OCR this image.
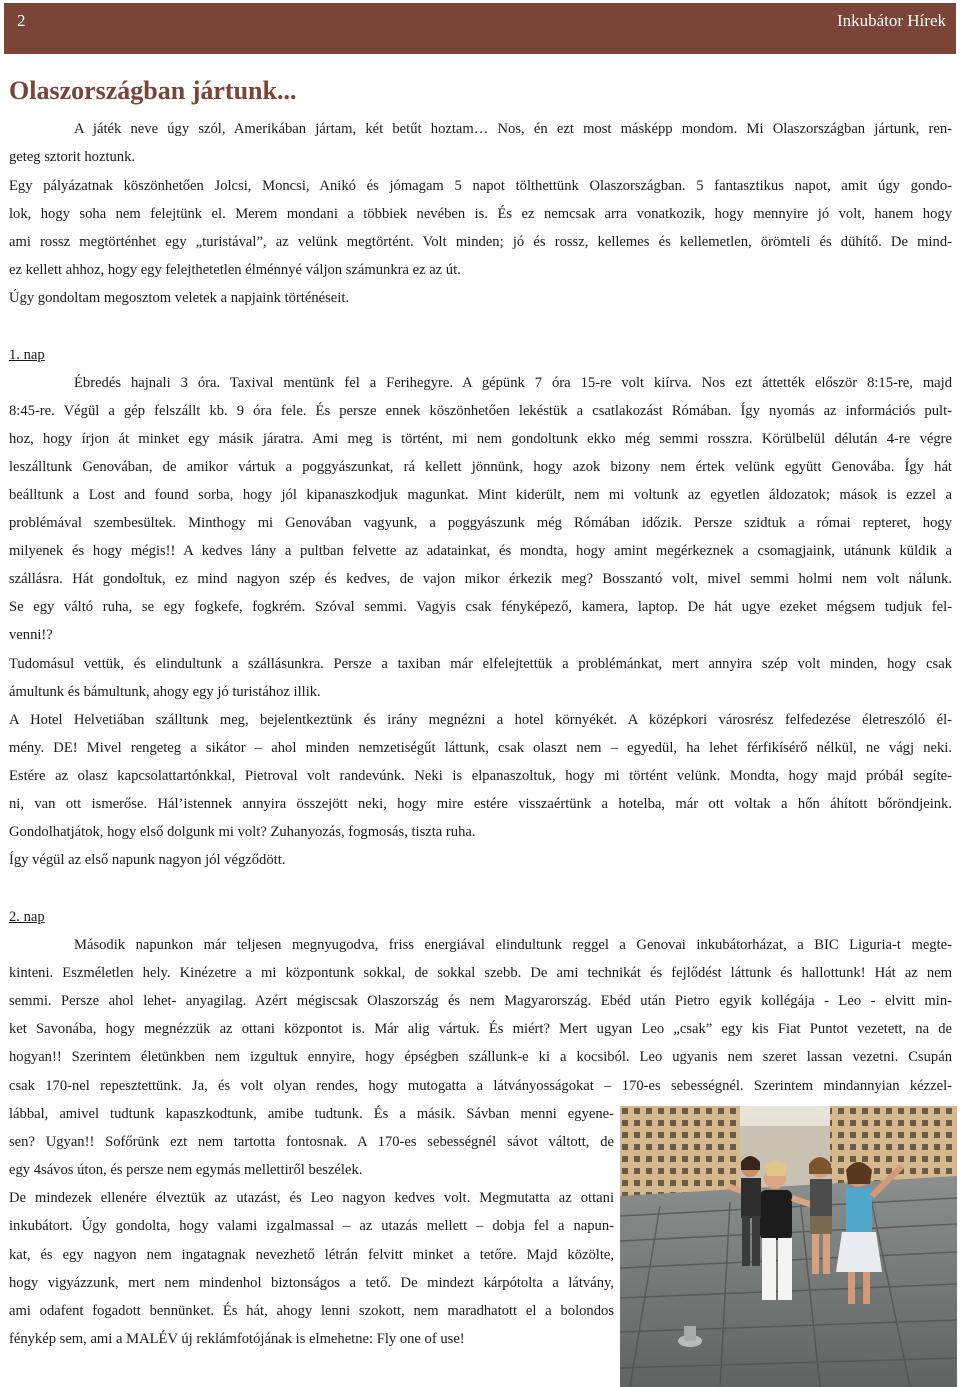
2	Inkubátor Hírek
Olaszországban jártunk...
A játék neve úgy szól, Amerikában jártam, két betűt hoztam… Nos, én ezt most másképp mondom. Mi Olaszországban jártunk, ren-
geteg sztorit hoztunk.
Egy pályázatnak köszönhetően Jolcsi, Moncsi, Anikó és jómagam 5 napot tölthettünk Olaszországban. 5 fantasztikus napot, amit úgy gondo-
lok, hogy soha nem felejtünk el. Merem mondani a többiek nevében is. És ez nemcsak arra vonatkozik, hogy mennyire jó volt, hanem hogy
ami rossz megtörténhet egy „turistával”, az velünk megtörtént. Volt minden; jó és rossz, kellemes és kellemetlen, örömteli és dühítő. De mind-
ez kellett ahhoz, hogy egy felejthetetlen élménnyé váljon számunkra ez az út.
Úgy gondoltam megosztom veletek a napjaink történéseit.
1. nap
Ébredés hajnali 3 óra. Taxival mentünk fel a Ferihegyre. A gépünk 7 óra 15-re volt kiírva. Nos ezt áttették először 8:15-re, majd
8:45-re. Végül a gép felszállt kb. 9 óra fele. És persze ennek köszönhetően lekéstük a csatlakozást Rómában. Így nyomás az információs pult-
hoz, hogy írjon át minket egy másik járatra. Ami meg is történt, mi nem gondoltunk ekko még semmi rosszra. Körülbelül délután 4-re végre
leszálltunk Genovában, de amikor vártuk a poggyászunkat, rá kellett jönnünk, hogy azok bizony nem értek velünk együtt Genovába. Így hát
beálltunk a Lost and found sorba, hogy jól kipanaszkodjuk magunkat. Mint kiderült, nem mi voltunk az egyetlen áldozatok; mások is ezzel a
problémával szembesültek. Minthogy mi Genovában vagyunk, a poggyászunk még Rómában időzik. Persze szidtuk a római repteret, hogy
milyenek és hogy mégis!! A kedves lány a pultban felvette az adatainkat, és mondta, hogy amint megérkeznek a csomagjaink, utánunk küldik a
szállásra. Hát gondoltuk, ez mind nagyon szép és kedves, de vajon mikor érkezik meg? Bosszantó volt, mivel semmi holmi nem volt nálunk.
Se egy váltó ruha, se egy fogkefe, fogkrém. Szóval semmi. Vagyis csak fényképező, kamera, laptop. De hát ugye ezeket mégsem tudjuk fel-
venni!?
Tudomásul vettük, és elindultunk a szállásunkra. Persze a taxiban már elfelejtettük a problémánkat, mert annyira szép volt minden, hogy csak
ámultunk és bámultunk, ahogy egy jó turistához illik.
A Hotel Helvetiában szálltunk meg, bejelentkeztünk és irány megnézni a hotel környékét. A középkori városrész felfedezése életreszóló él-
mény. DE! Mivel rengeteg a sikátor – ahol minden nemzetiségűt láttunk, csak olaszt nem – egyedül, ha lehet férfikísérő nélkül, ne vágj neki.
Estére az olasz kapcsolattartónkkal, Pietroval volt randevúnk. Neki is elpanaszoltuk, hogy mi történt velünk. Mondta, hogy majd próbál segíte-
ni, van ott ismerőse. Hál’istennek annyira összejött neki, hogy mire estére visszaértünk a hotelba, már ott voltak a hőn áhított bőröndjeink.
Gondolhatjátok, hogy első dolgunk mi volt? Zuhanyozás, fogmosás, tiszta ruha.
Így végül az első napunk nagyon jól végződött.
2. nap
Második napunkon már teljesen megnyugodva, friss energiával elindultunk reggel a Genovai inkubátorházat, a BIC Liguria-t megte-
kinteni. Eszméletlen hely. Kinézetre a mi központunk sokkal, de sokkal szebb. De ami technikát és fejlődést láttunk és hallottunk! Hát az nem
semmi. Persze ahol lehet- anyagilag. Azért mégiscsak Olaszország és nem Magyarország. Ebéd után Pietro egyik kollégája - Leo - elvitt min-
ket Savonába, hogy megnézzük az ottani központot is. Már alig vártuk. És miért? Mert ugyan Leo „csak” egy kis Fiat Puntot vezetett, na de
hogyan!! Szerintem életünkben nem izgultuk ennyire, hogy épségben szállunk-e ki a kocsiból. Leo ugyanis nem szeret lassan vezetni. Csupán
csak 170-nel repesztettünk. Ja, és volt olyan rendes, hogy mutogatta a látványosságokat – 170-es sebességnél. Szerintem mindannyian kézzel-
lábbal, amivel tudtunk kapaszkodtunk, amibe tudtunk. És a másik. Sávban menni egyene-
sen? Ugyan!! Sofőrünk ezt nem tartotta fontosnak. A 170-es sebességnél sávot váltott, de
egy 4sávos úton, és persze nem egymás mellettiről beszélek.
De mindezek ellenére élveztük az utazást, és Leo nagyon kedves volt. Megmutatta az ottani
inkubátort. Úgy gondolta, hogy valami izgalmassal – az utazás mellett – dobja fel a napun-
kat, és egy nagyon nem ingatagnak nevezhető létrán felvitt minket a tetőre. Majd közölte,
hogy vigyázzunk, mert nem mindenhol biztonságos a tető. De mindezt kárpótolta a látvány,
ami odafent fogadott bennünket. És hát, ahogy lenni szokott, nem maradhatott el a bolondos
fénykép sem, ami a MALÉV új reklámfotójának is elmehetne: Fly one of use!
